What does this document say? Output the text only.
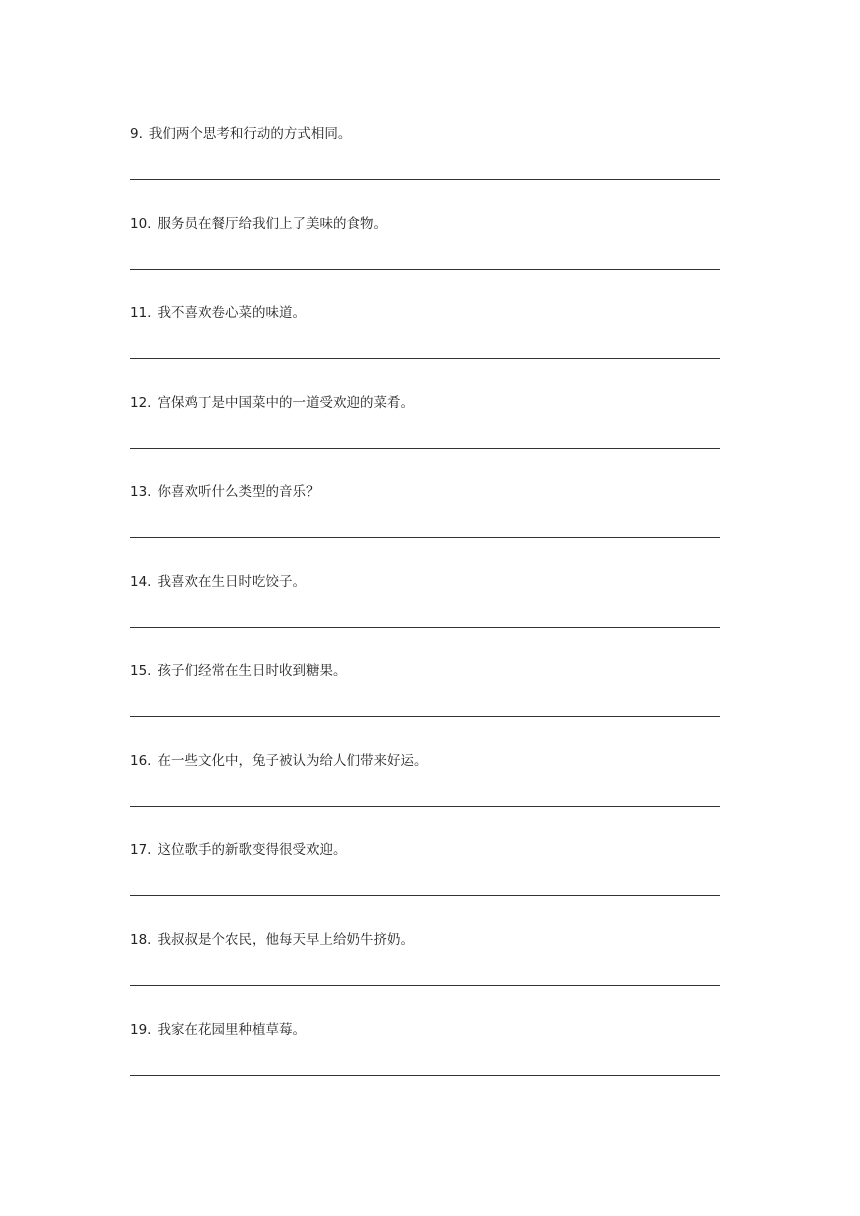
9. 我们两个思考和行动的方式相同。
10. 服务员在餐厅给我们上了美味的食物。
11. 我不喜欢卷心菜的味道。
12. 宫保鸡丁是中国菜中的一道受欢迎的菜肴。
13. 你喜欢听什么类型的音乐？
14. 我喜欢在生日时吃饺子。
15. 孩子们经常在生日时收到糖果。
16. 在一些文化中，兔子被认为给人们带来好运。
17. 这位歌手的新歌变得很受欢迎。
18. 我叔叔是个农民，他每天早上给奶牛挤奶。
19. 我家在花园里种植草莓。
